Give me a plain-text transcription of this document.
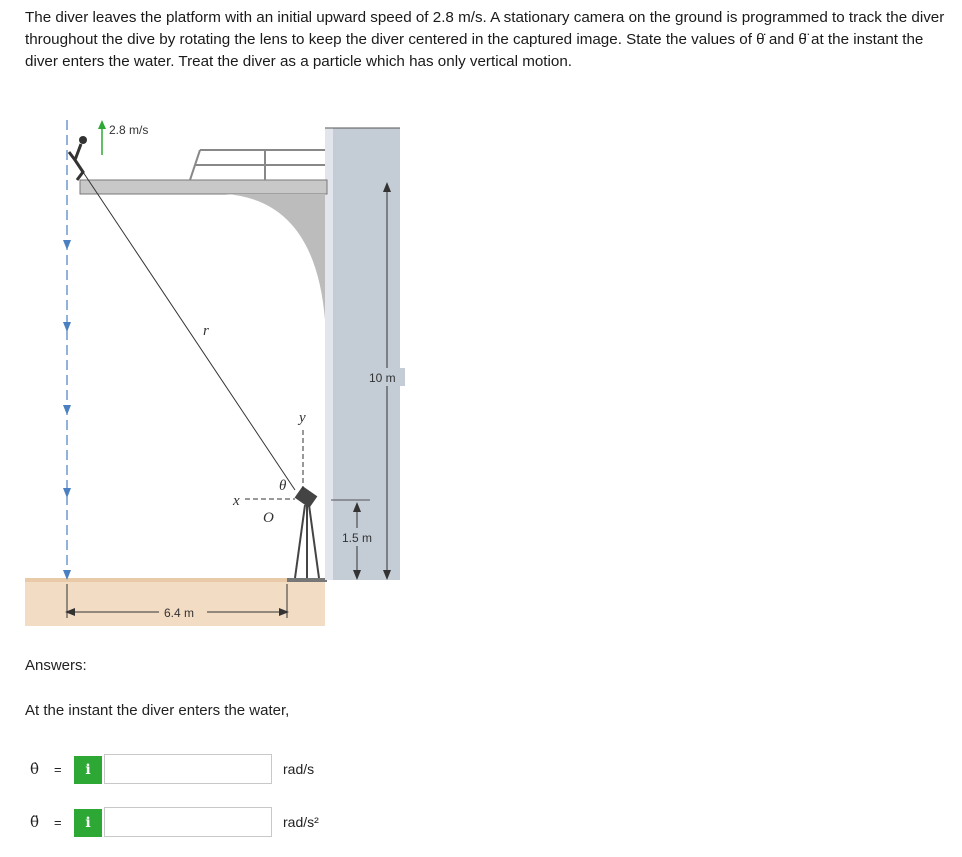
The diver leaves the platform with an initial upward speed of 2.8 m/s. A stationary camera on the ground is programmed to track the diver throughout the dive by rotating the lens to keep the diver centered in the captured image. State the values of θ̇ and θ̈ at the instant the diver enters the water. Treat the diver as a particle which has only vertical motion.
2.8 m/s
r
x
y
θ
O
10 m
1.5 m
6.4 m
Answers:
At the instant the diver enters the water,
θ̇ =	i	rad/s
θ̈ =	i	rad/s²
